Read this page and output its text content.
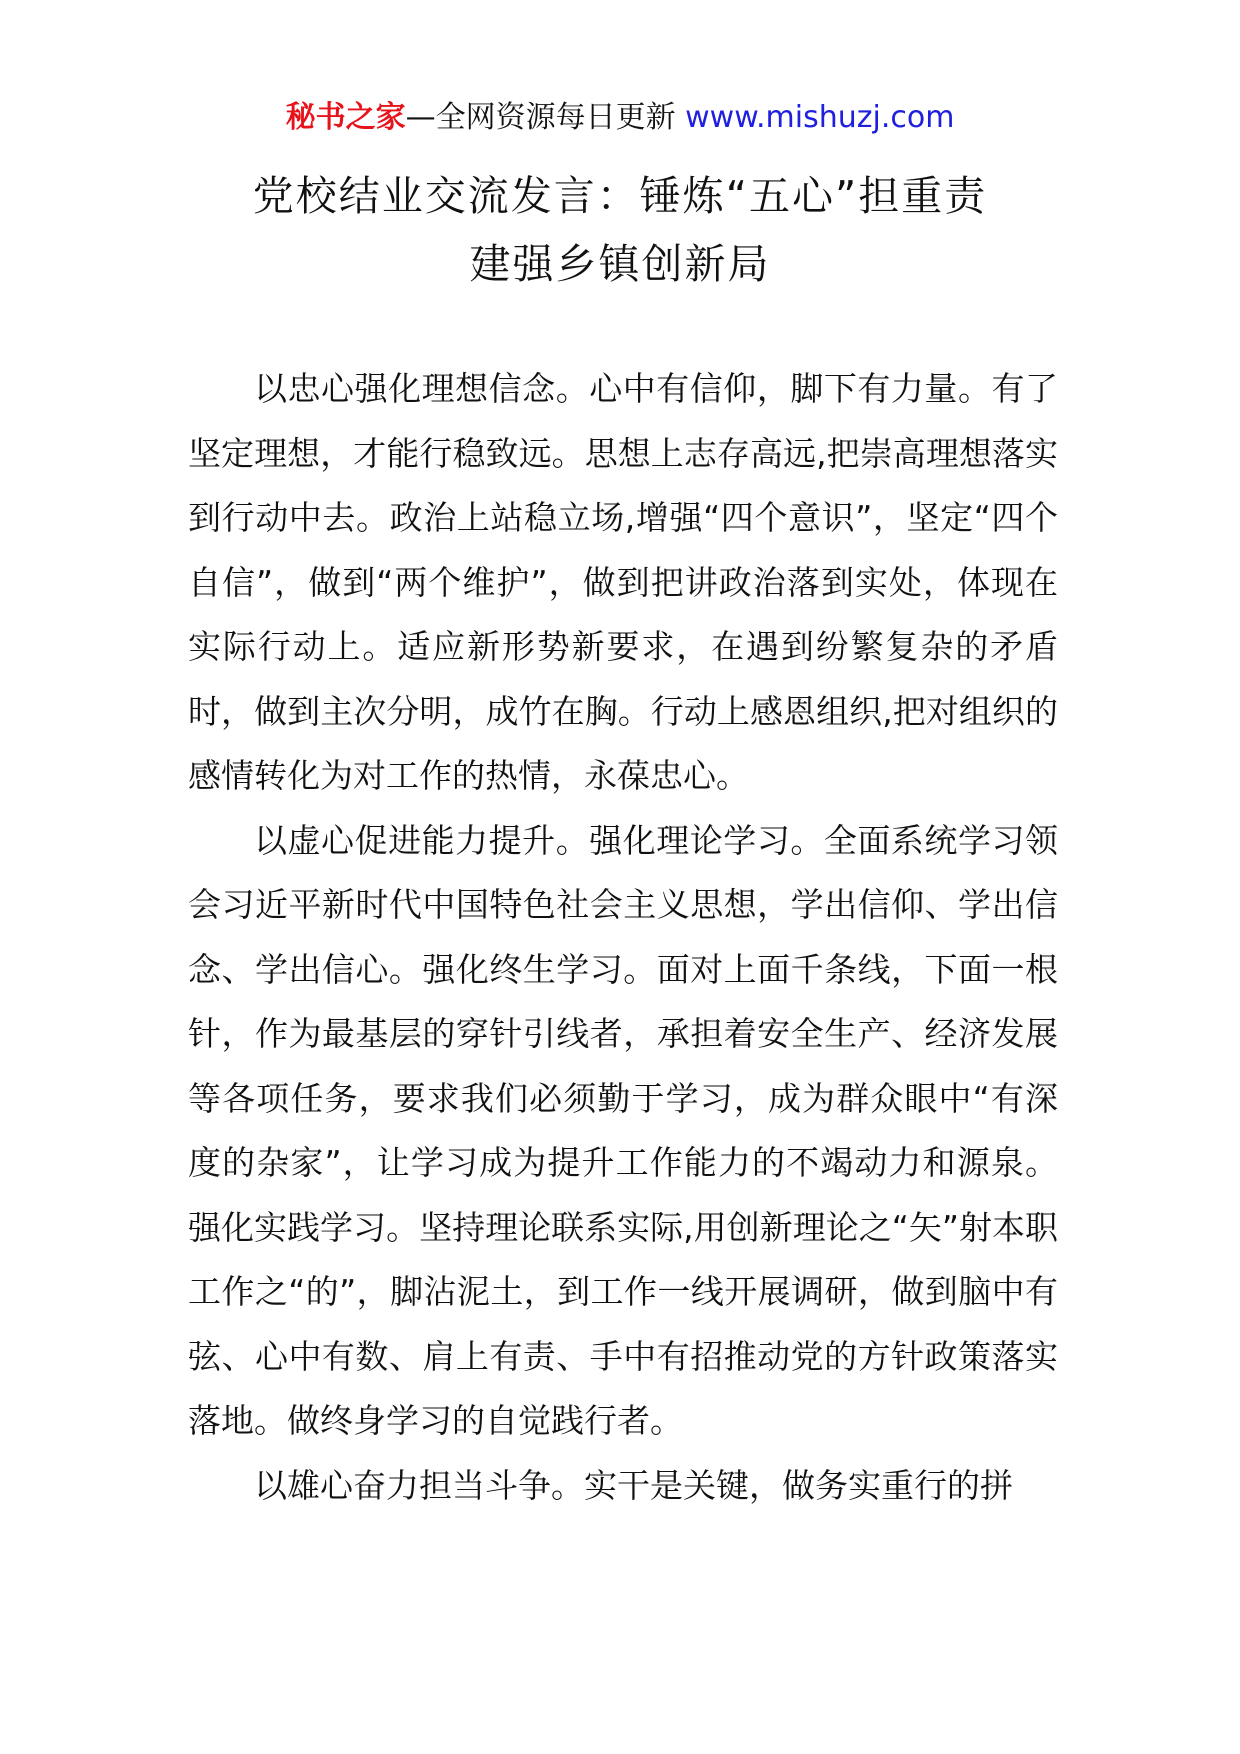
秘书之家—全网资源每日更新 www.mishuzj.com
党校结业交流发言：锤炼“五心”担重责
建强乡镇创新局

以忠心强化理想信念。心中有信仰，脚下有力量。有了坚定理想，才能行稳致远。思想上志存高远,把崇高理想落实到行动中去。政治上站稳立场,增强“四个意识”，坚定“四个自信”，做到“两个维护”，做到把讲政治落到实处，体现在实际行动上。适应新形势新要求，在遇到纷繁复杂的矛盾时，做到主次分明，成竹在胸。行动上感恩组织,把对组织的感情转化为对工作的热情，永葆忠心。

以虚心促进能力提升。强化理论学习。全面系统学习领会习近平新时代中国特色社会主义思想，学出信仰、学出信念、学出信心。强化终生学习。面对上面千条线，下面一根针，作为最基层的穿针引线者，承担着安全生产、经济发展等各项任务，要求我们必须勤于学习，成为群众眼中“有深度的杂家”，让学习成为提升工作能力的不竭动力和源泉。强化实践学习。坚持理论联系实际,用创新理论之“矢”射本职工作之“的”，脚沾泥土，到工作一线开展调研，做到脑中有弦、心中有数、肩上有责、手中有招推动党的方针政策落实落地。做终身学习的自觉践行者。

以雄心奋力担当斗争。实干是关键，做务实重行的拼
